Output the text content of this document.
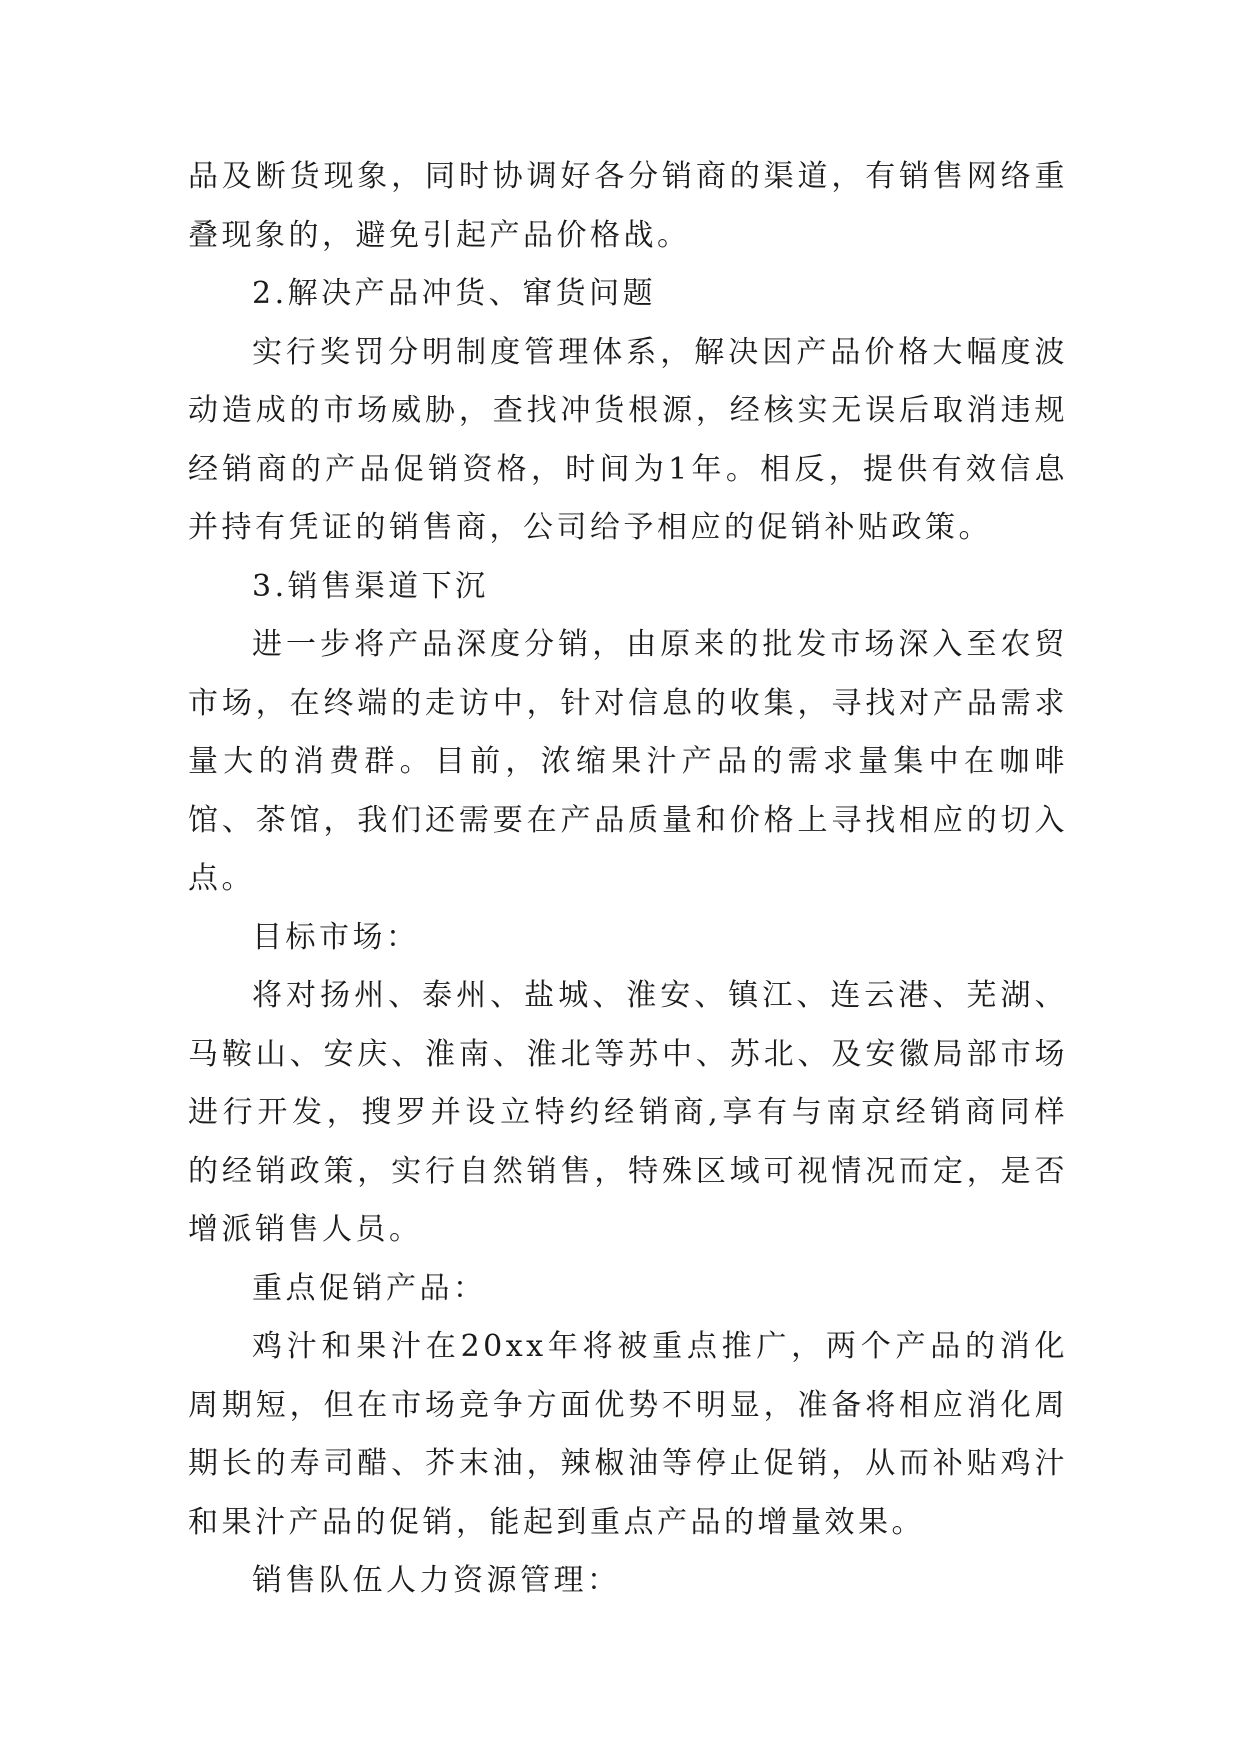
品及断货现象，同时协调好各分销商的渠道，有销售网络重叠现象的，避免引起产品价格战。

2.解决产品冲货、窜货问题

实行奖罚分明制度管理体系，解决因产品价格大幅度波动造成的市场威胁，查找冲货根源，经核实无误后取消违规经销商的产品促销资格，时间为1年。相反，提供有效信息并持有凭证的销售商，公司给予相应的促销补贴政策。

3.销售渠道下沉

进一步将产品深度分销，由原来的批发市场深入至农贸市场，在终端的走访中，针对信息的收集，寻找对产品需求量大的消费群。目前，浓缩果汁产品的需求量集中在咖啡馆、茶馆，我们还需要在产品质量和价格上寻找相应的切入点。

目标市场：

将对扬州、泰州、盐城、淮安、镇江、连云港、芜湖、马鞍山、安庆、淮南、淮北等苏中、苏北、及安徽局部市场进行开发，搜罗并设立特约经销商,享有与南京经销商同样的经销政策，实行自然销售，特殊区域可视情况而定，是否增派销售人员。

重点促销产品：

鸡汁和果汁在20xx年将被重点推广，两个产品的消化周期短，但在市场竞争方面优势不明显，准备将相应消化周期长的寿司醋、芥末油，辣椒油等停止促销，从而补贴鸡汁和果汁产品的促销，能起到重点产品的增量效果。

销售队伍人力资源管理：
